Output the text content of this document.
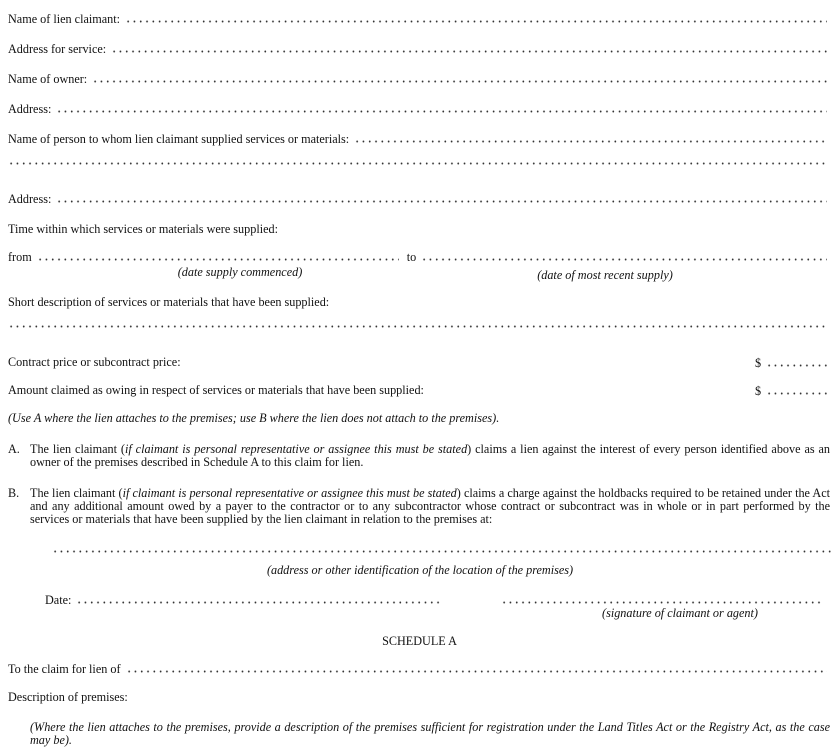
Name of lien claimant:
Address for service:
Name of owner:
Address:
Name of person to whom lien claimant supplied services or materials:
Address:
Time within which services or materials were supplied:
from	to
(date supply commenced)	(date of most recent supply)
Short description of services or materials that have been supplied:
Contract price or subcontract price:	$
Amount claimed as owing in respect of services or materials that have been supplied:	$
(Use A where the lien attaches to the premises; use B where the lien does not attach to the premises).
A. The lien claimant (if claimant is personal representative or assignee this must be stated) claims a lien against the interest of every person identified above as an owner of the premises described in Schedule A to this claim for lien.
B. The lien claimant (if claimant is personal representative or assignee this must be stated) claims a charge against the holdbacks required to be retained under the Act and any additional amount owed by a payer to the contractor or to any subcontractor whose contract or subcontract was in whole or in part performed by the services or materials that have been supplied by the lien claimant in relation to the premises at:
(address or other identification of the location of the premises)
Date:
(signature of claimant or agent)
SCHEDULE A
To the claim for lien of
Description of premises:
(Where the lien attaches to the premises, provide a description of the premises sufficient for registration under the Land Titles Act or the Registry Act, as the case may be).
